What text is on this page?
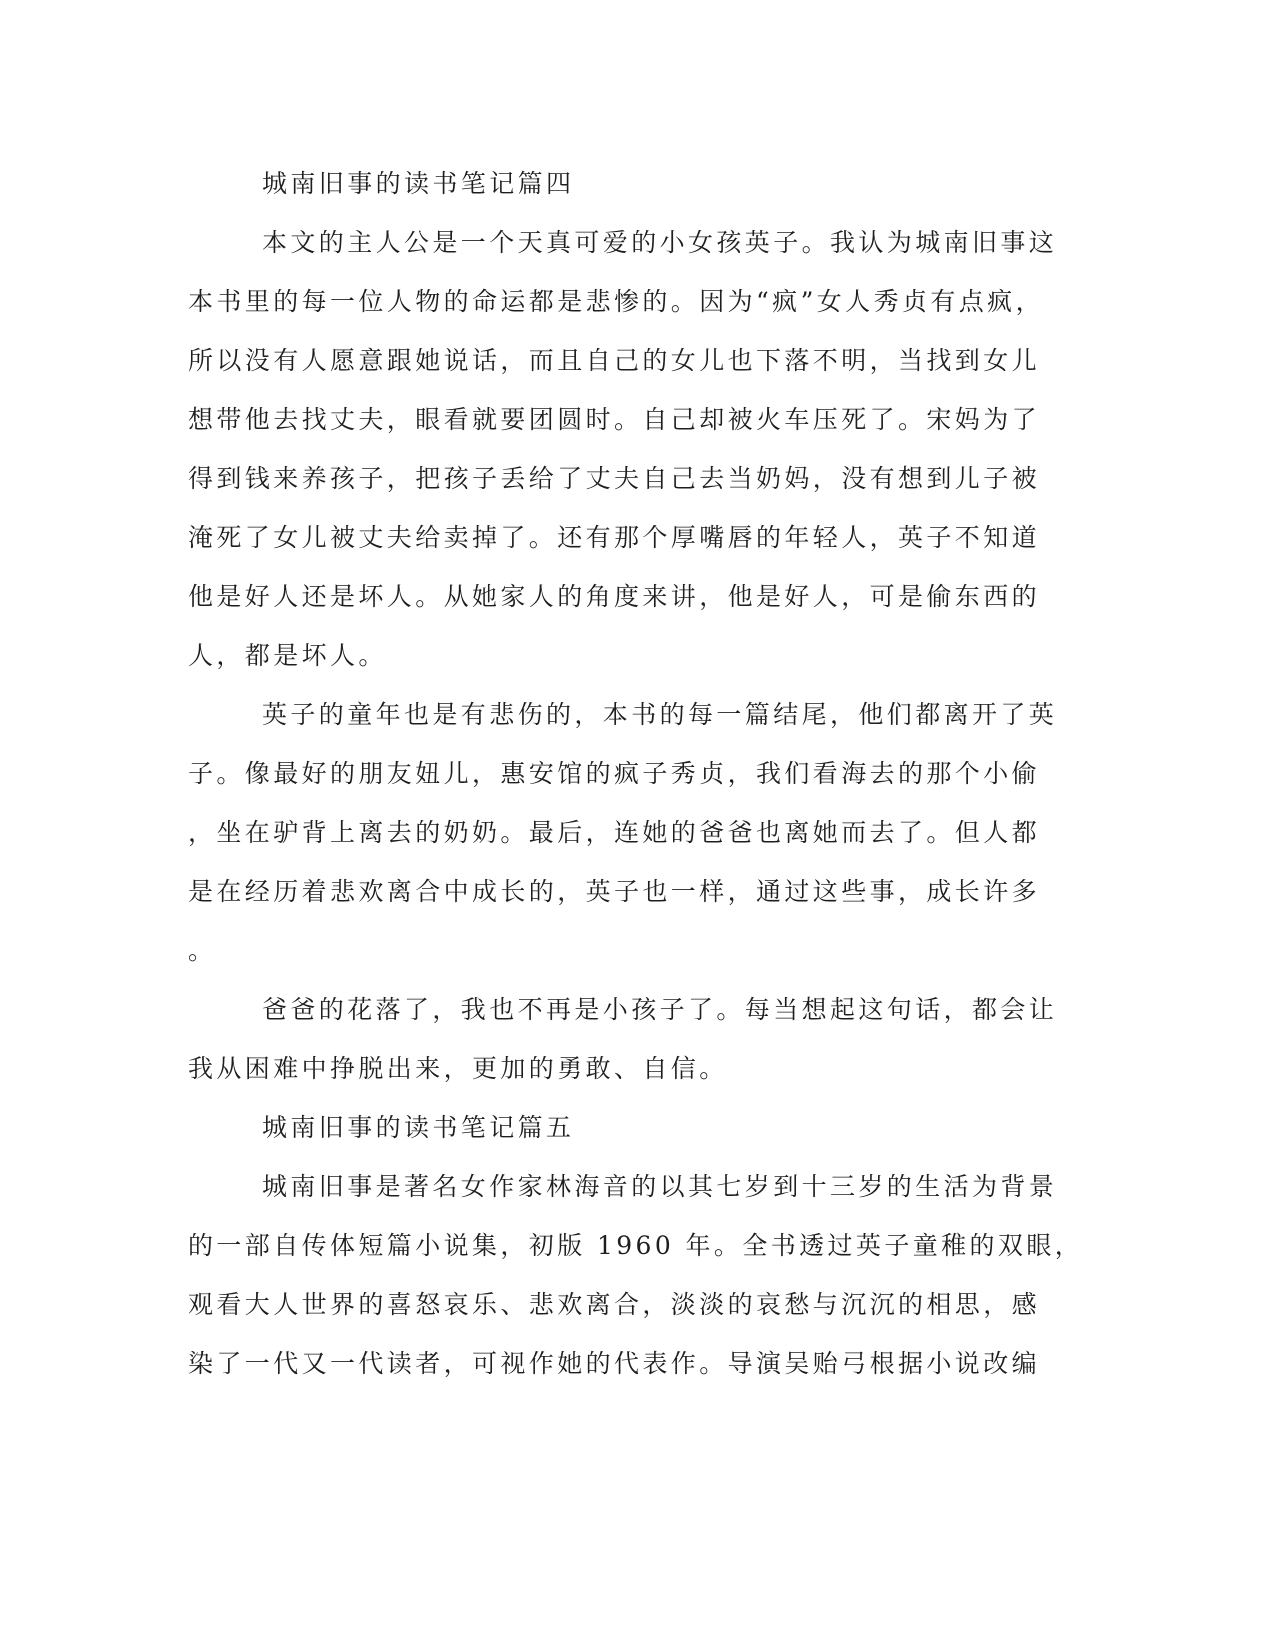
城南旧事的读书笔记篇四

本文的主人公是一个天真可爱的小女孩英子。我认为城南旧事这

本书里的每一位人物的命运都是悲惨的。因为“疯”女人秀贞有点疯，

所以没有人愿意跟她说话，而且自己的女儿也下落不明，当找到女儿

想带他去找丈夫，眼看就要团圆时。自己却被火车压死了。宋妈为了

得到钱来养孩子，把孩子丢给了丈夫自己去当奶妈，没有想到儿子被

淹死了女儿被丈夫给卖掉了。还有那个厚嘴唇的年轻人，英子不知道

他是好人还是坏人。从她家人的角度来讲，他是好人，可是偷东西的

人，都是坏人。

英子的童年也是有悲伤的，本书的每一篇结尾，他们都离开了英

子。像最好的朋友妞儿，惠安馆的疯子秀贞，我们看海去的那个小偷

，坐在驴背上离去的奶奶。最后，连她的爸爸也离她而去了。但人都

是在经历着悲欢离合中成长的，英子也一样，通过这些事，成长许多

。

爸爸的花落了，我也不再是小孩子了。每当想起这句话，都会让

我从困难中挣脱出来，更加的勇敢、自信。

城南旧事的读书笔记篇五

城南旧事是著名女作家林海音的以其七岁到十三岁的生活为背景

的一部自传体短篇小说集，初版 1960 年。全书透过英子童稚的双眼，

观看大人世界的喜怒哀乐、悲欢离合，淡淡的哀愁与沉沉的相思，感

染了一代又一代读者，可视作她的代表作。导演吴贻弓根据小说改编
